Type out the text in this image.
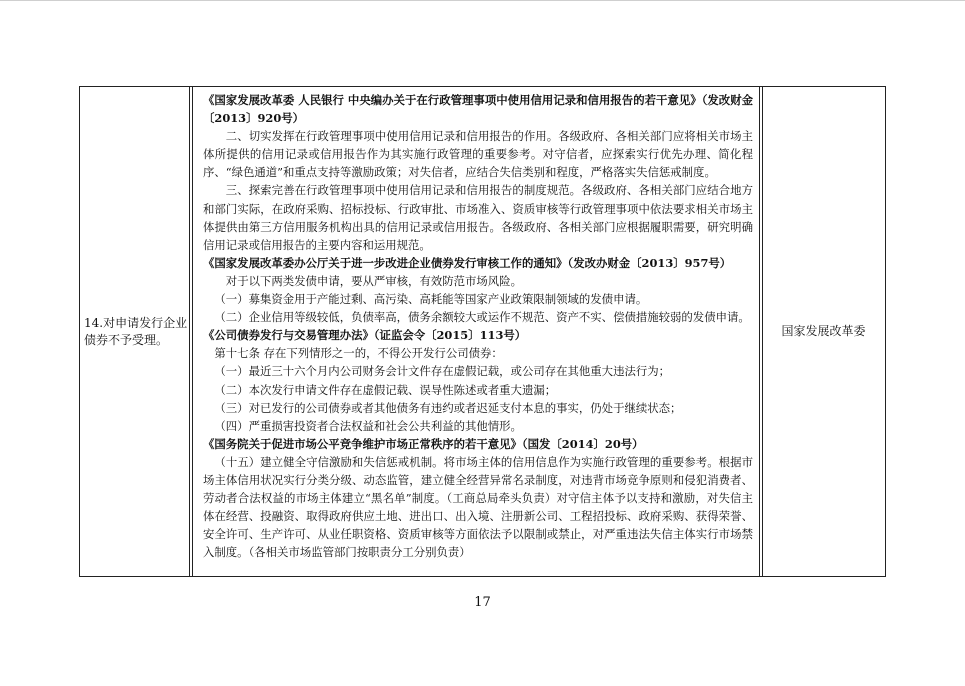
14.对申请发行企业债券不予受理。

《国家发展改革委 人民银行 中央编办关于在行政管理事项中使用信用记录和信用报告的若干意见》（发改财金〔2013〕920号）

二、切实发挥在行政管理事项中使用信用记录和信用报告的作用。各级政府、各相关部门应将相关市场主体所提供的信用记录或信用报告作为其实施行政管理的重要参考。对守信者，应探索实行优先办理、简化程序、“绿色通道”和重点支持等激励政策；对失信者，应结合失信类别和程度，严格落实失信惩戒制度。

三、探索完善在行政管理事项中使用信用记录和信用报告的制度规范。各级政府、各相关部门应结合地方和部门实际，在政府采购、招标投标、行政审批、市场准入、资质审核等行政管理事项中依法要求相关市场主体提供由第三方信用服务机构出具的信用记录或信用报告。各级政府、各相关部门应根据履职需要，研究明确信用记录或信用报告的主要内容和运用规范。

《国家发展改革委办公厅关于进一步改进企业债券发行审核工作的通知》（发改办财金〔2013〕957号）

对于以下两类发债申请，要从严审核，有效防范市场风险。

（一）募集资金用于产能过剩、高污染、高耗能等国家产业政策限制领域的发债申请。

（二）企业信用等级较低，负债率高，债务余额较大或运作不规范、资产不实、偿债措施较弱的发债申请。

《公司债券发行与交易管理办法》（证监会令〔2015〕113号）

第十七条 存在下列情形之一的，不得公开发行公司债券：

（一）最近三十六个月内公司财务会计文件存在虚假记载，或公司存在其他重大违法行为；

（二）本次发行申请文件存在虚假记载、误导性陈述或者重大遗漏；

（三）对已发行的公司债券或者其他债务有违约或者迟延支付本息的事实，仍处于继续状态；

（四）严重损害投资者合法权益和社会公共利益的其他情形。

《国务院关于促进市场公平竞争维护市场正常秩序的若干意见》（国发〔2014〕20号）

（十五）建立健全守信激励和失信惩戒机制。将市场主体的信用信息作为实施行政管理的重要参考。根据市场主体信用状况实行分类分级、动态监管，建立健全经营异常名录制度，对违背市场竞争原则和侵犯消费者、劳动者合法权益的市场主体建立“黑名单”制度。（工商总局牵头负责）对守信主体予以支持和激励，对失信主体在经营、投融资、取得政府供应土地、进出口、出入境、注册新公司、工程招投标、政府采购、获得荣誉、安全许可、生产许可、从业任职资格、资质审核等方面依法予以限制或禁止，对严重违法失信主体实行市场禁入制度。（各相关市场监管部门按职责分工分别负责）

国家发展改革委
17
